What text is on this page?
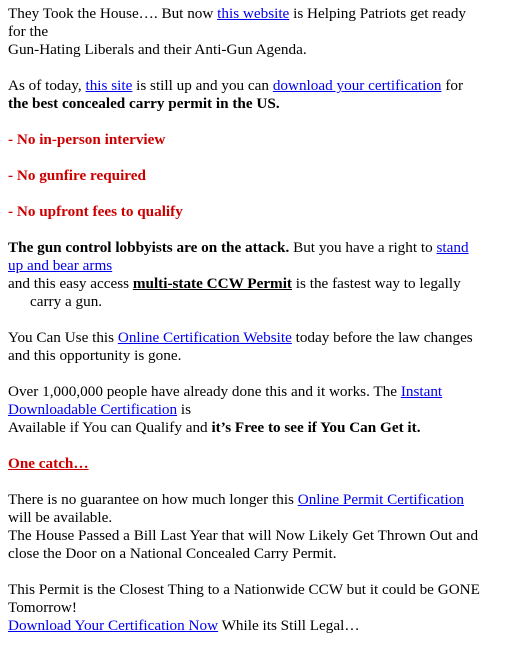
They Took the House…. But now this website is Helping Patriots get ready

for the

Gun-Hating Liberals and their Anti-Gun Agenda.

As of today, this site is still up and you can download your certification for

the best concealed carry permit in the US.

- No in-person interview
- No gunfire required
- No upfront fees to qualify

The gun control lobbyists are on the attack. But you have a right to stand

up and bear arms

and this easy access multi-state CCW Permit is the fastest way to legally

carry a gun.

You Can Use this Online Certification Website today before the law changes

and this opportunity is gone.

Over 1,000,000 people have already done this and it works. The Instant

Downloadable Certification is

Available if You can Qualify and it’s Free to see if You Can Get it.

One catch…

There is no guarantee on how much longer this Online Permit Certification

will be available.

The House Passed a Bill Last Year that will Now Likely Get Thrown Out and

close the Door on a National Concealed Carry Permit.

This Permit is the Closest Thing to a Nationwide CCW but it could be GONE

Tomorrow!

Download Your Certification Now While its Still Legal…
